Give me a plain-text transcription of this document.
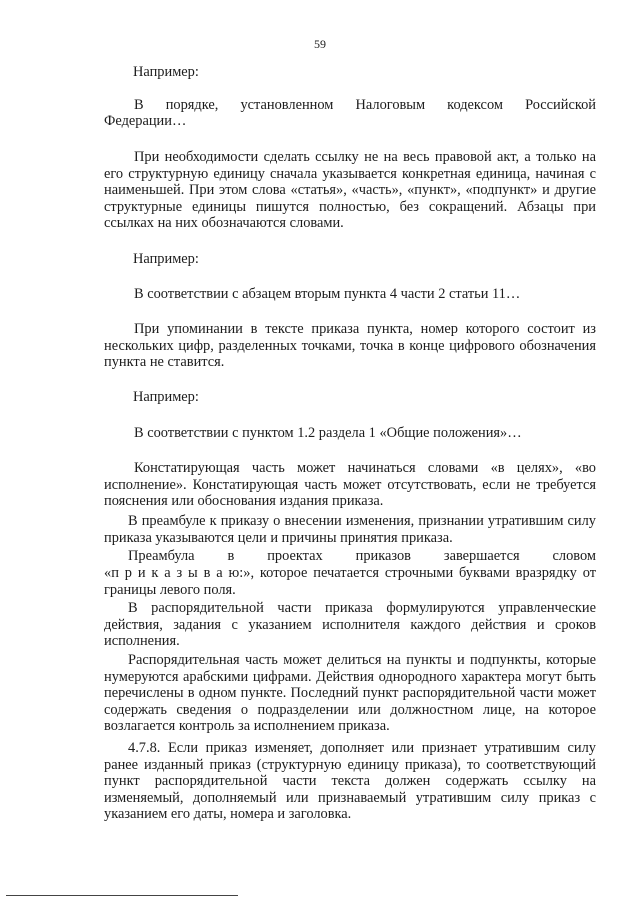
59

Например:

В порядке, установленном Налоговым кодексом Российской

Федерации…

При необходимости сделать ссылку не на весь правовой акт, а только на его структурную единицу сначала указывается конкретная единица, начиная с наименьшей. При этом слова «статья», «часть», «пункт», «подпункт» и другие структурные единицы пишутся полностью, без сокращений. Абзацы при ссылках на них обозначаются словами.

Например:

В соответствии с абзацем вторым пункта 4 части 2 статьи 11…

При упоминании в тексте приказа пункта, номер которого состоит из нескольких цифр, разделенных точками, точка в конце цифрового обозначения пункта не ставится.

Например:

В соответствии с пунктом 1.2 раздела 1 «Общие положения»…

Констатирующая часть может начинаться словами «в целях», «во исполнение». Констатирующая часть может отсутствовать, если не требуется пояснения или обоснования издания приказа.

В преамбуле к приказу о внесении изменения, признании утратившим силу приказа указываются цели и причины принятия приказа.

Преамбула в проектах приказов завершается словом

«п р и к а з ы в а ю:», которое печатается строчными буквами вразрядку от границы левого поля.

В распорядительной части приказа формулируются управленческие действия, задания с указанием исполнителя каждого действия и сроков исполнения.

Распорядительная часть может делиться на пункты и подпункты, которые нумеруются арабскими цифрами. Действия однородного характера могут быть перечислены в одном пункте. Последний пункт распорядительной части может содержать сведения о подразделении или должностном лице, на которое возлагается контроль за исполнением приказа.

4.7.8. Если приказ изменяет, дополняет или признает утратившим силу ранее изданный приказ (структурную единицу приказа), то соответствующий пункт распорядительной части текста должен содержать ссылку на изменяемый, дополняемый или признаваемый утратившим силу приказ с указанием его даты, номера и заголовка.
